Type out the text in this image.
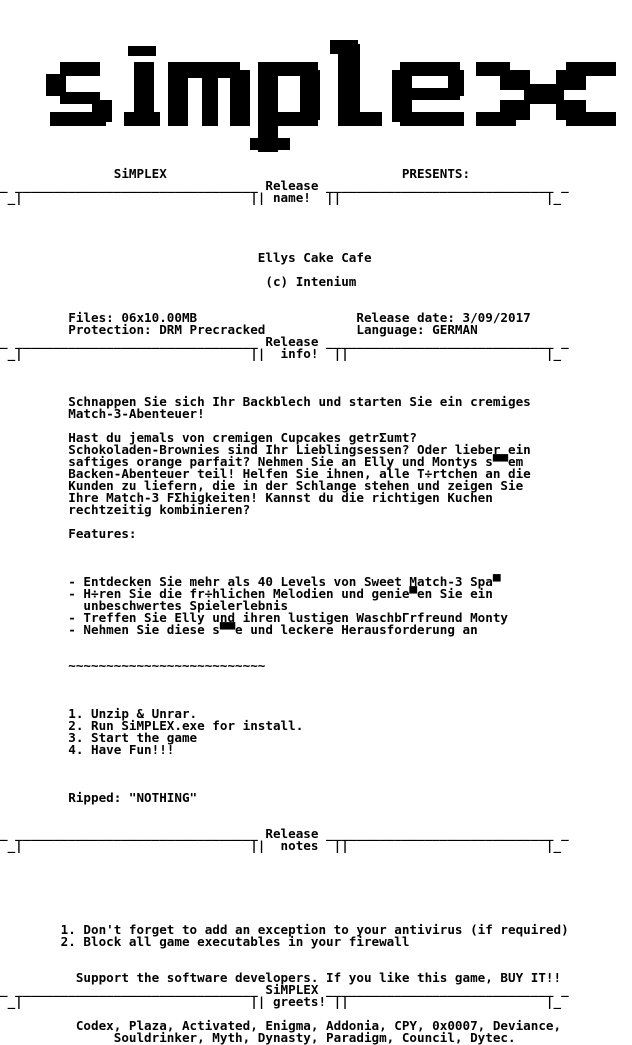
SiMPLEX                               PRESENTS:
_ ________________________________ Release ______________________________ _
_|                              || name!  ||                           |_

Ellys Cake Cafe

(c) Intenium

Files: 06x10.00MB                     Release date: 3/09/2017
Protection: DRM Precracked            Language: GERMAN
_ ________________________________ Release ______________________________ _
_|                              ||  info!  ||                          |_

Schnappen Sie sich Ihr Backblech und starten Sie ein cremiges
Match-3-Abenteuer!

Hast du jemals von cremigen Cupcakes getrΣumt?
Schokoladen-Brownies sind Ihr Lieblingsessen? Oder lieber ein
saftiges orange parfait? Nehmen Sie an Elly und Montys s▀▀em
Backen-Abenteuer teil! Helfen Sie ihnen, alle T÷rtchen an die
Kunden zu liefern, die in der Schlange stehen und zeigen Sie
Ihre Match-3 FΣhigkeiten! Kannst du die richtigen Kuchen
rechtzeitig kombinieren?

Features:

- Entdecken Sie mehr als 40 Levels von Sweet Match-3 Spa▀
- H÷ren Sie die fr÷hlichen Melodien und genie▀en Sie ein
unbeschwertes Spielerlebnis
- Treffen Sie Elly und ihren lustigen WaschbΓrfreund Monty
- Nehmen Sie diese s▀▀e und leckere Herausforderung an

~~~~~~~~~~~~~~~~~~~~~~~~~~

1. Unzip & Unrar.
2. Run SiMPLEX.exe for install.
3. Start the game
4. Have Fun!!!

Ripped: "NOTHING"

_ ________________________________ Release ______________________________ _
_|                              ||  notes  ||                          |_

1. Don't forget to add an exception to your antivirus (if required)
2. Block all game executables in your firewall

Support the software developers. If you like this game, BUY IT!!
_ ________________________________ SiMPLEX ______________________________ _
_|                              || greets! ||                          |_

Codex, Plaza, Activated, Enigma, Addonia, CPY, 0x0007, Deviance,
Souldrinker, Myth, Dynasty, Paradigm, Council, Dytec.
